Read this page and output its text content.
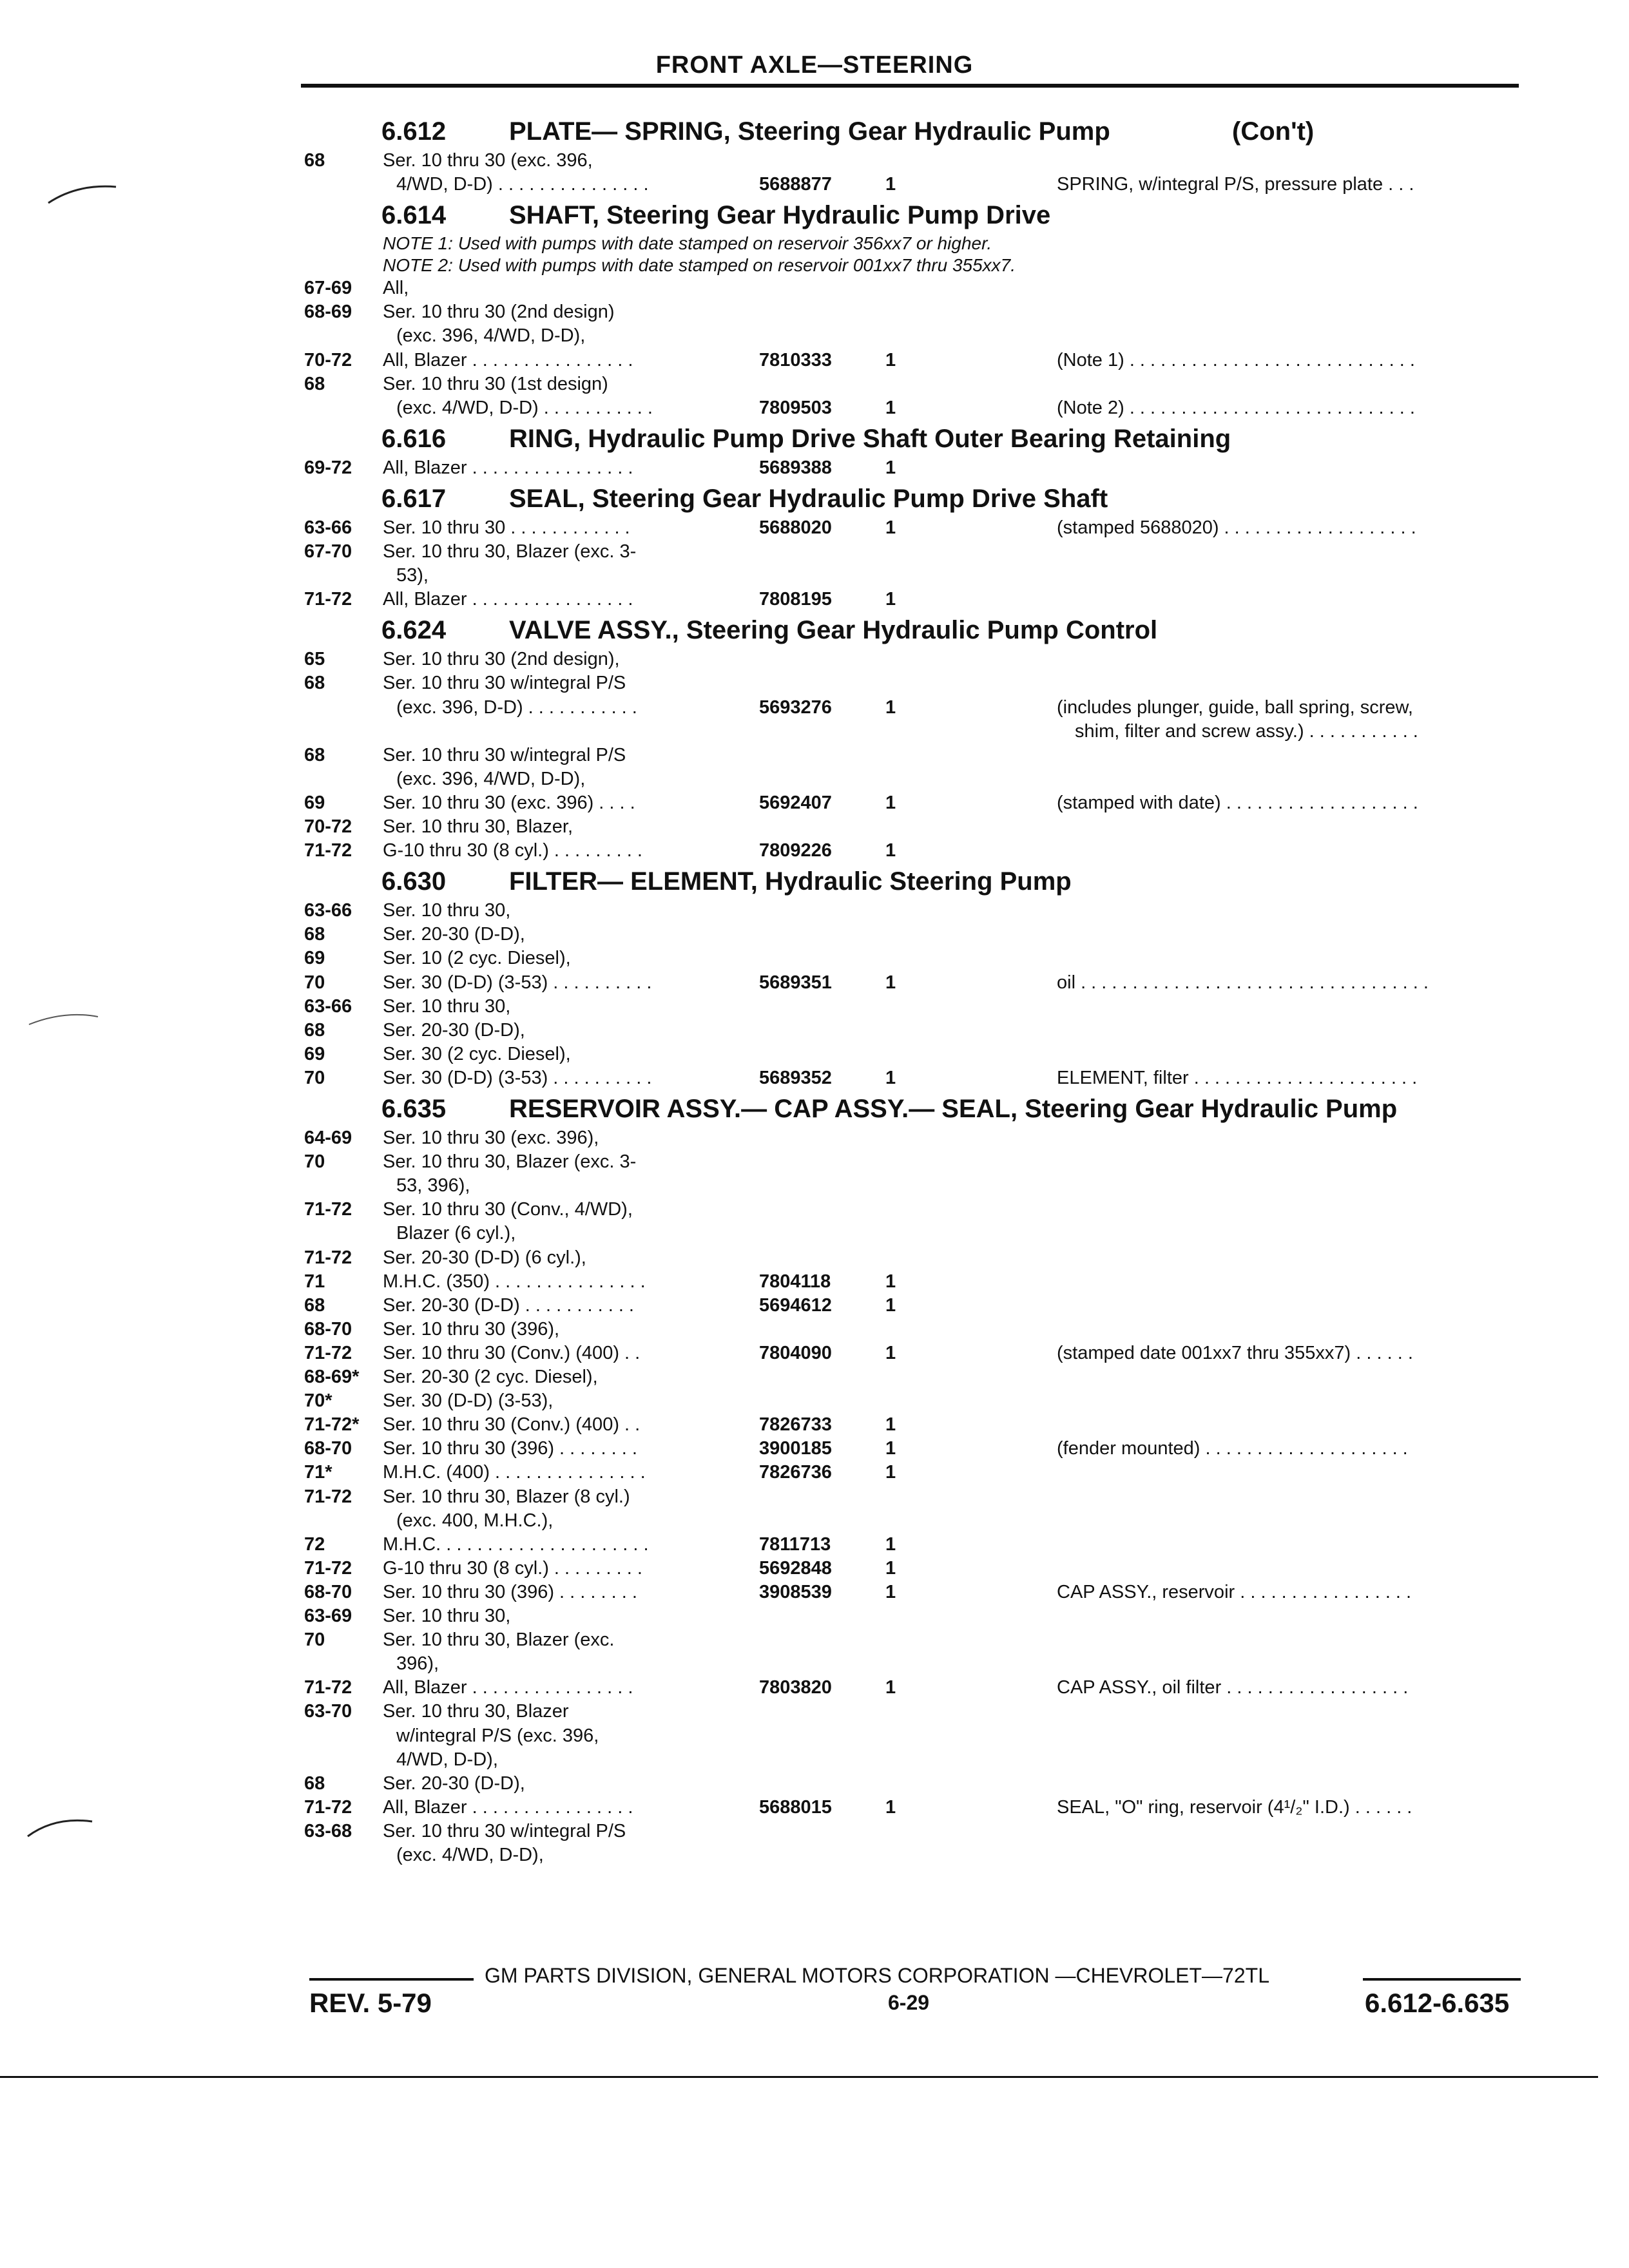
FRONT AXLE—STEERING
6.612 PLATE— SPRING, Steering Gear Hydraulic Pump	(Con't)
68	Ser. 10 thru 30 (exc. 396,
4/WD, D-D) . . . . . . . . . . . . . . .	5688877	1	SPRING, w/integral P/S, pressure plate . . .
6.614 SHAFT, Steering Gear Hydraulic Pump Drive
NOTE 1: Used with pumps with date stamped on reservoir 356xx7 or higher.
NOTE 2: Used with pumps with date stamped on reservoir 001xx7 thru 355xx7.
67-69 All,
68-69 Ser. 10 thru 30 (2nd design)
(exc. 396, 4/WD, D-D),
70-72 All, Blazer . . . . . . . . . . . . . . . .	7810333	1	(Note 1) . . . . . . . . . . . . . . . . . . . . . . . . . . . .
68	Ser. 10 thru 30 (1st design)
(exc. 4/WD, D-D) . . . . . . . . . . .	7809503	1	(Note 2) . . . . . . . . . . . . . . . . . . . . . . . . . . . .
6.616 RING, Hydraulic Pump Drive Shaft Outer Bearing Retaining
69-72 All, Blazer . . . . . . . . . . . . . . . .	5689388	1
6.617 SEAL, Steering Gear Hydraulic Pump Drive Shaft
63-66 Ser. 10 thru 30 . . . . . . . . . . . .	5688020	1	(stamped 5688020) . . . . . . . . . . . . . . . . . . .
67-70 Ser. 10 thru 30, Blazer (exc. 3-
53),
71-72 All, Blazer . . . . . . . . . . . . . . . .	7808195	1
6.624 VALVE ASSY., Steering Gear Hydraulic Pump Control
65	Ser. 10 thru 30 (2nd design),
68	Ser. 10 thru 30 w/integral P/S
(exc. 396, D-D) . . . . . . . . . . .	5693276	1	(includes plunger, guide, ball spring, screw,
shim, filter and screw assy.) . . . . . . . . . . .
68	Ser. 10 thru 30 w/integral P/S
(exc. 396, 4/WD, D-D),
69	Ser. 10 thru 30 (exc. 396) . . . .	5692407	1	(stamped with date) . . . . . . . . . . . . . . . . . . .
70-72 Ser. 10 thru 30, Blazer,
71-72 G-10 thru 30 (8 cyl.) . . . . . . . . .	7809226	1
6.630 FILTER— ELEMENT, Hydraulic Steering Pump
63-66 Ser. 10 thru 30,
68	Ser. 20-30 (D-D),
69	Ser. 10 (2 cyc. Diesel),
70	Ser. 30 (D-D) (3-53) . . . . . . . . . .	5689351	1	oil . . . . . . . . . . . . . . . . . . . . . . . . . . . . . . . . . .
63-66 Ser. 10 thru 30,
68	Ser. 20-30 (D-D),
69	Ser. 30 (2 cyc. Diesel),
70	Ser. 30 (D-D) (3-53) . . . . . . . . . .	5689352	1	ELEMENT, filter . . . . . . . . . . . . . . . . . . . . . .
6.635 RESERVOIR ASSY.— CAP ASSY.— SEAL, Steering Gear Hydraulic Pump
64-69 Ser. 10 thru 30 (exc. 396),
70	Ser. 10 thru 30, Blazer (exc. 3-
53, 396),
71-72 Ser. 10 thru 30 (Conv., 4/WD),
Blazer (6 cyl.),
71-72 Ser. 20-30 (D-D) (6 cyl.),
71	M.H.C. (350) . . . . . . . . . . . . . . .	7804118	1
68	Ser. 20-30 (D-D) . . . . . . . . . . .	5694612	1
68-70 Ser. 10 thru 30 (396),
71-72 Ser. 10 thru 30 (Conv.) (400) . .	7804090	1	(stamped date 001xx7 thru 355xx7) . . . . . .
68-69* Ser. 20-30 (2 cyc. Diesel),
70*	Ser. 30 (D-D) (3-53),
71-72* Ser. 10 thru 30 (Conv.) (400) . .	7826733	1
68-70 Ser. 10 thru 30 (396) . . . . . . . .	3900185	1	(fender mounted) . . . . . . . . . . . . . . . . . . . .
71*	M.H.C. (400) . . . . . . . . . . . . . . .	7826736	1
71-72 Ser. 10 thru 30, Blazer (8 cyl.)
(exc. 400, M.H.C.),
72	M.H.C. . . . . . . . . . . . . . . . . . . . .	7811713	1
71-72 G-10 thru 30 (8 cyl.) . . . . . . . . .	5692848	1
68-70 Ser. 10 thru 30 (396) . . . . . . . .	3908539	1	CAP ASSY., reservoir . . . . . . . . . . . . . . . . .
63-69 Ser. 10 thru 30,
70	Ser. 10 thru 30, Blazer (exc.
396),
71-72 All, Blazer . . . . . . . . . . . . . . . .	7803820	1	CAP ASSY., oil filter . . . . . . . . . . . . . . . . . .
63-70 Ser. 10 thru 30, Blazer
w/integral P/S (exc. 396,
4/WD, D-D),
68	Ser. 20-30 (D-D),
71-72 All, Blazer . . . . . . . . . . . . . . . .	5688015	1	SEAL, "O" ring, reservoir (4¹/₂" I.D.) . . . . . .
63-68 Ser. 10 thru 30 w/integral P/S
(exc. 4/WD, D-D),
GM PARTS DIVISION, GENERAL MOTORS CORPORATION —CHEVROLET—72TL
REV. 5-79	6-29	6.612-6.635
